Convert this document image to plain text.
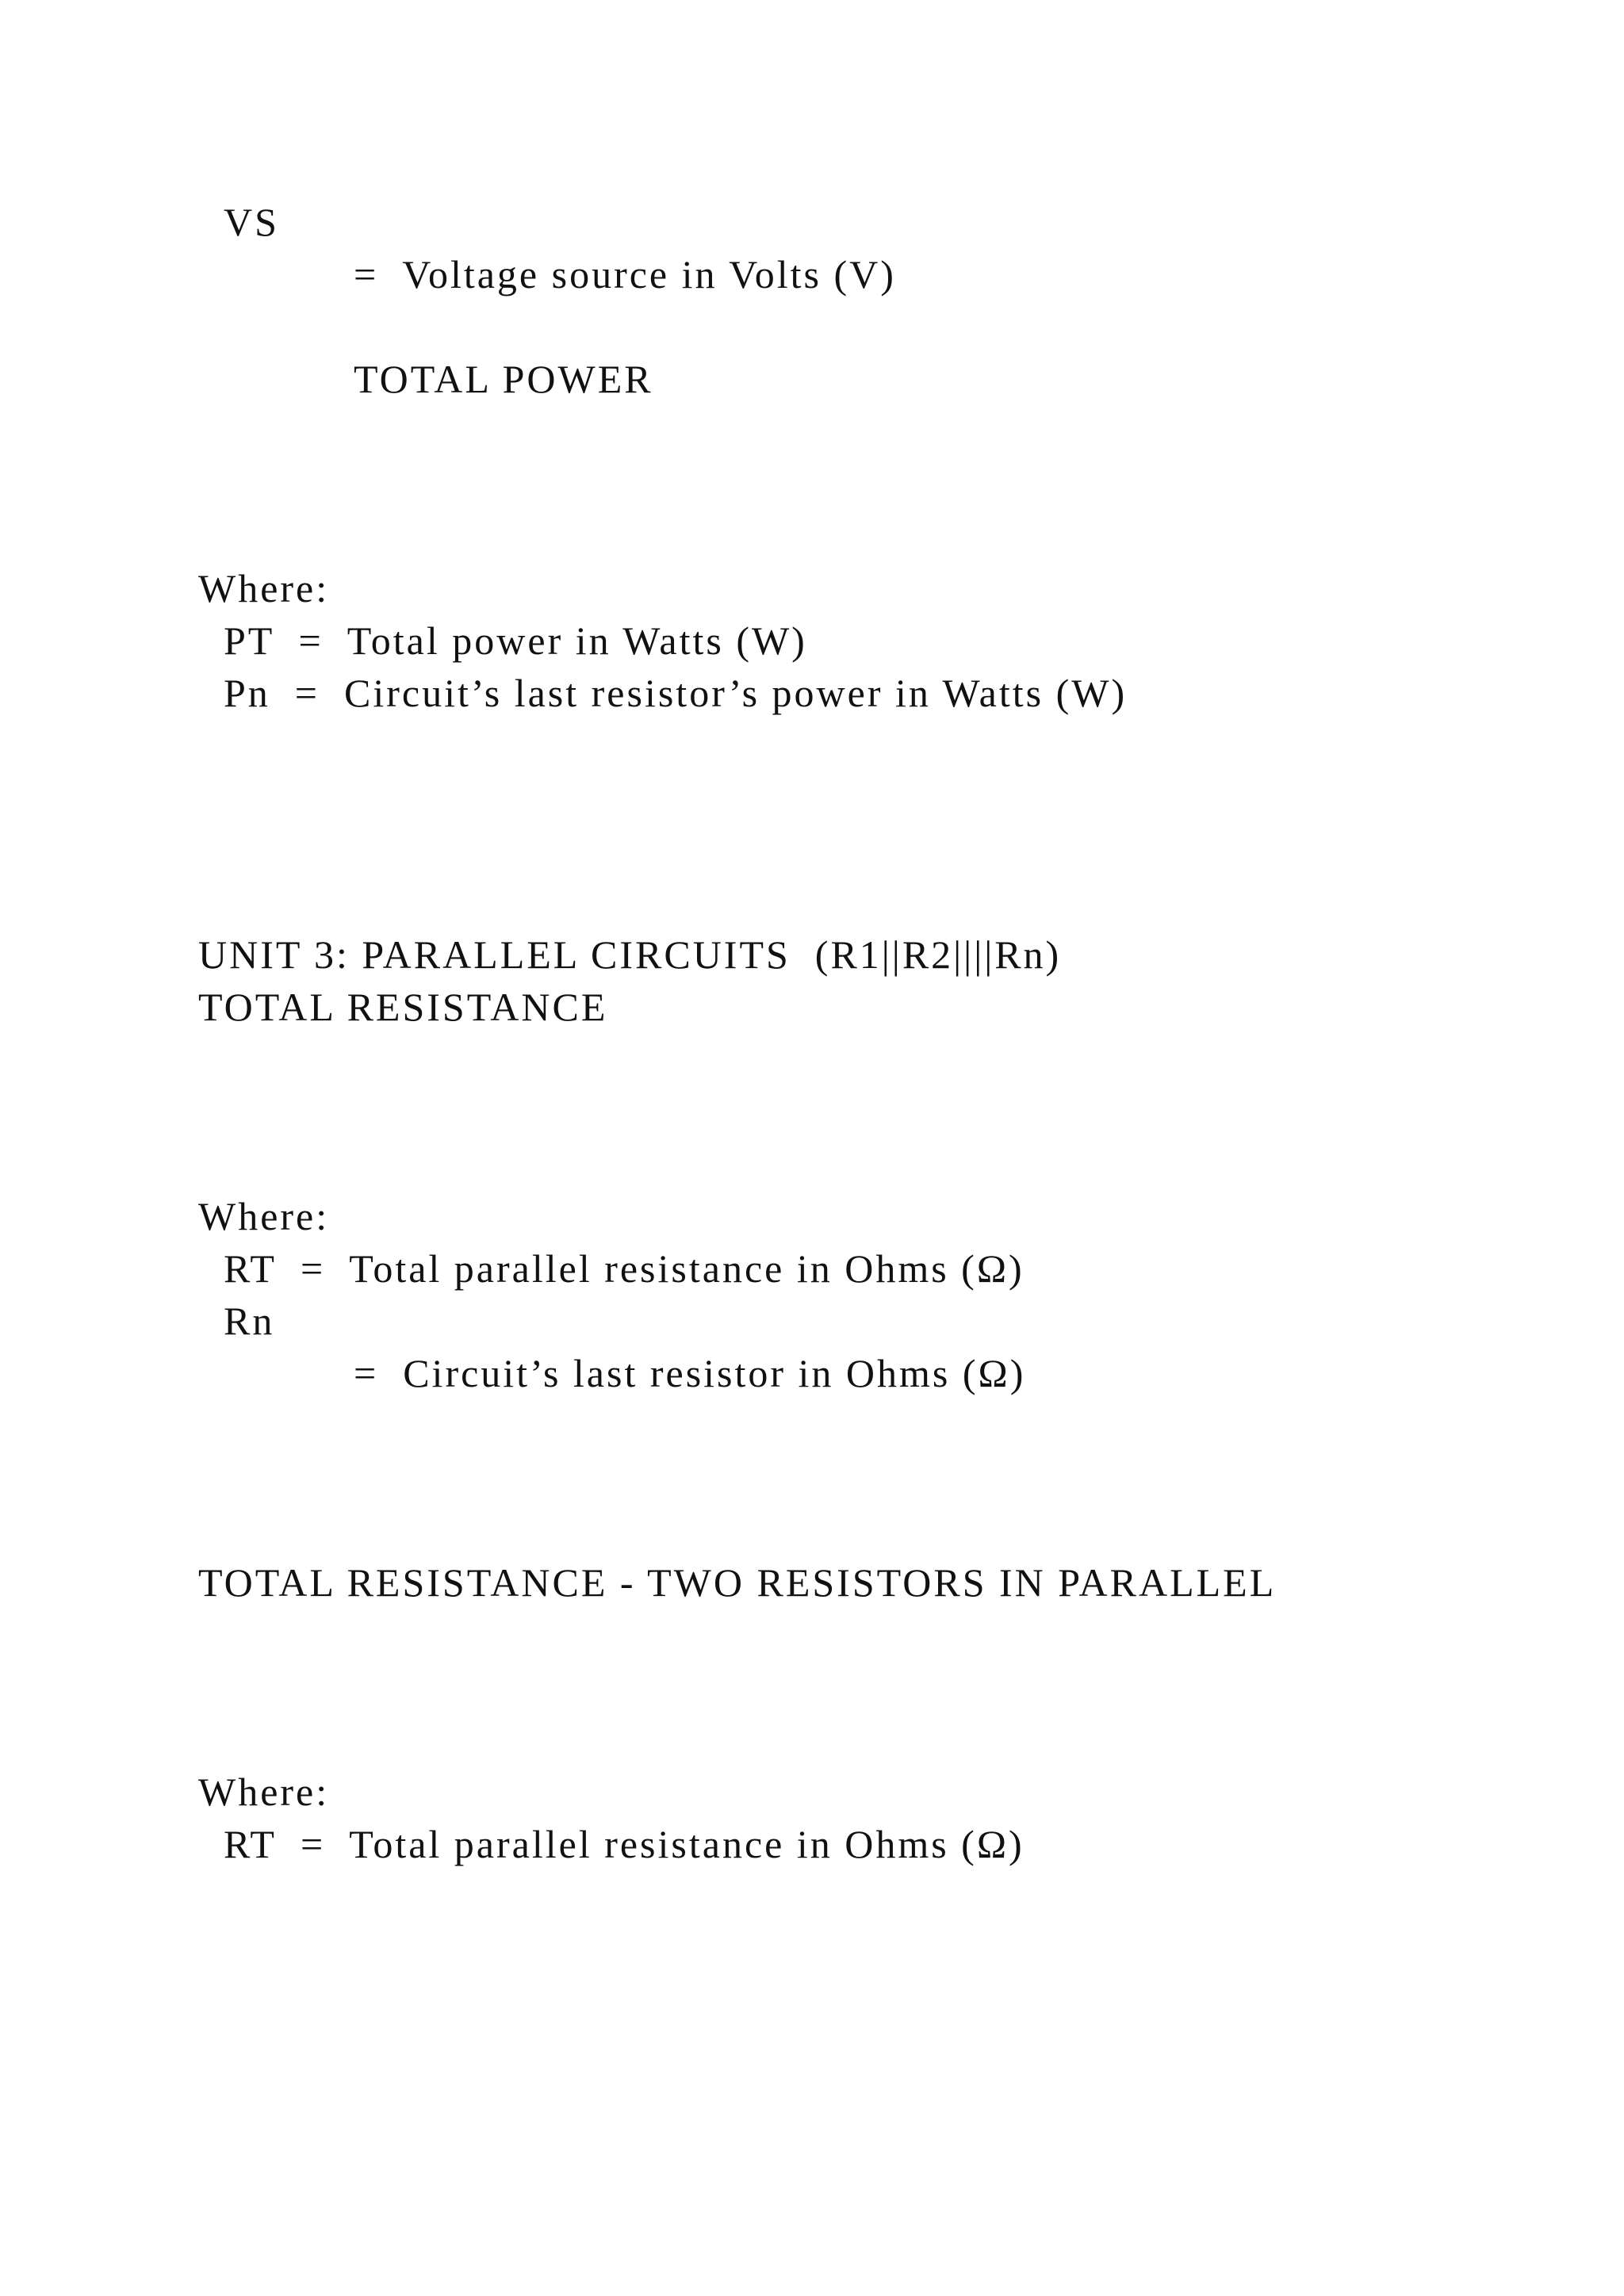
VS
=  Voltage source in Volts (V)
TOTAL POWER
Where:
PT  =  Total power in Watts (W)
Pn  =  Circuit’s last resistor’s power in Watts (W)
UNIT 3: PARALLEL CIRCUITS  (R1||R2||||Rn)
TOTAL RESISTANCE
Where:
RT  =  Total parallel resistance in Ohms (Ω)
Rn
=  Circuit’s last resistor in Ohms (Ω)
TOTAL RESISTANCE - TWO RESISTORS IN PARALLEL
Where:
RT  =  Total parallel resistance in Ohms (Ω)
